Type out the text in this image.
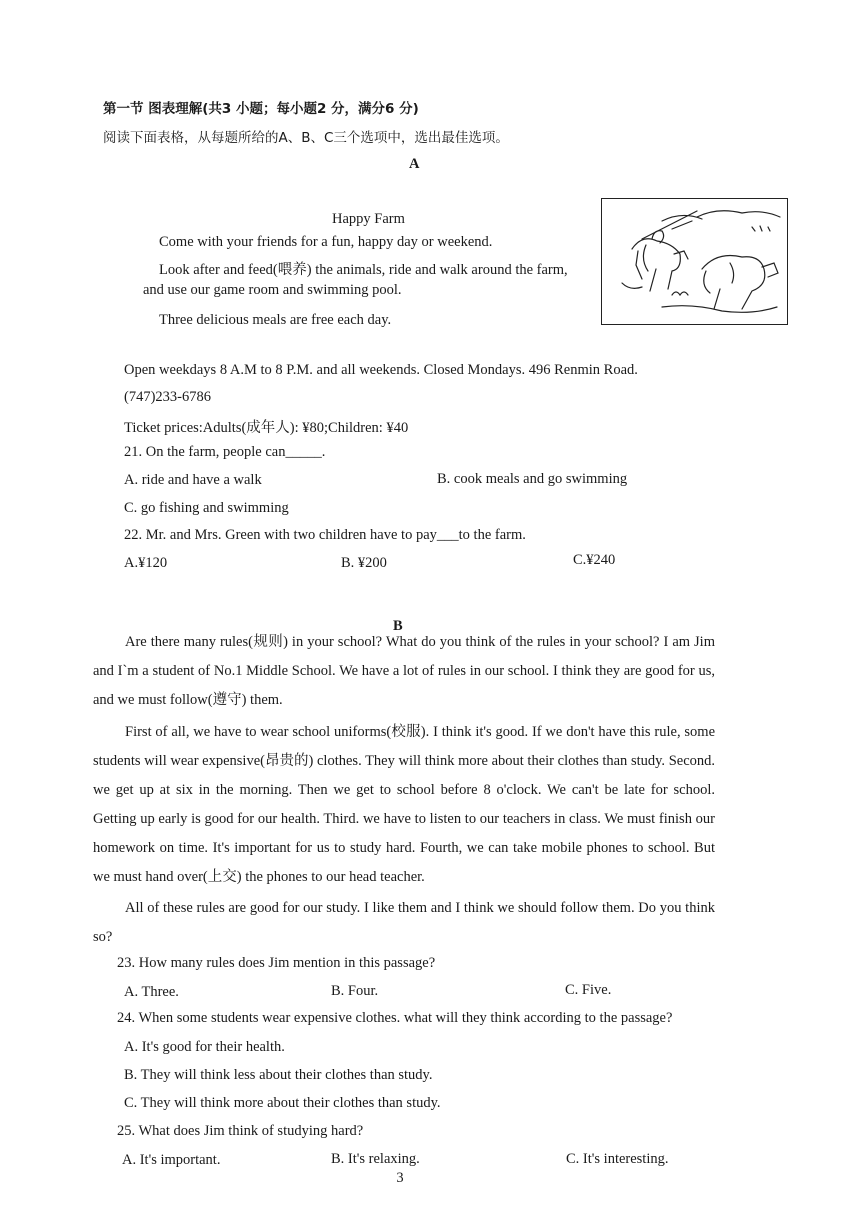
第一节 图表理解(共3 小题；每小题2 分，满分6 分)
阅读下面表格，从每题所给的A、B、C三个选项中，选出最佳选项。
A
Happy Farm
Come with your friends for a fun, happy day or weekend.
Look after and feed(喂养) the animals, ride and walk around the farm,
and use our game room and swimming pool.
Three delicious meals are free each day.
Open weekdays 8 A.M to 8 P.M. and all weekends. Closed Mondays. 496 Renmin Road.
(747)233-6786
Ticket prices:Adults(成年人): ¥80;Children: ¥40
21. On the farm, people can_____.
A. ride and have a walk	B. cook meals and go swimming
C. go fishing and swimming
22. Mr. and Mrs. Green with two children have to pay___to the farm.
A.¥120	B. ¥200	C.¥240
B
Are there many rules(规则) in your school? What do you think of the rules in your school? I am Jim and I`m a student of No.1 Middle School. We have a lot of rules in our school. I think they are good for us, and we must follow(遵守) them.
First of all, we have to wear school uniforms(校服). I think it's good. If we don't have this rule, some students will wear expensive(昂贵的) clothes. They will think more about their clothes than study. Second. we get up at six in the morning. Then we get to school before 8 o'clock. We can't be late for school. Getting up early is good for our health. Third. we have to listen to our teachers in class. We must finish our homework on time. It's important for us to study hard. Fourth, we can take mobile phones to school. But we must hand over(上交) the phones to our head teacher.
All of these rules are good for our study. I like them and I think we should follow them. Do you think so?
23. How many rules does Jim mention in this passage?
A. Three.	B. Four.	C. Five.
24. When some students wear expensive clothes. what will they think according to the passage?
A. It's good for their health.
B. They will think less about their clothes than study.
C. They will think more about their clothes than study.
25. What does Jim think of studying hard?
A. It's important.	B. It's relaxing.	C. It's interesting.
3
